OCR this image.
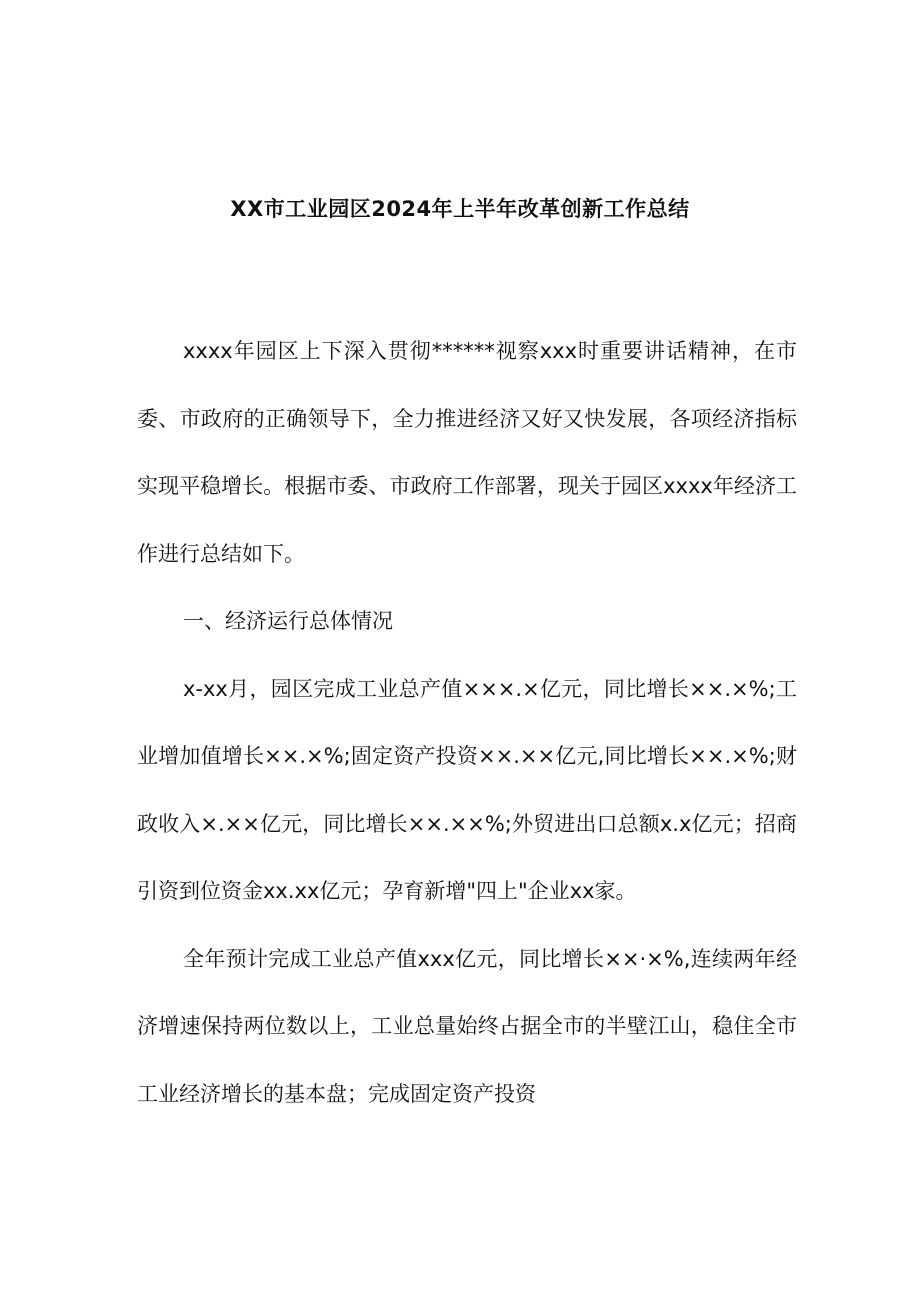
XX市工业园区2024年上半年改革创新工作总结

xxxx年园区上下深入贯彻******视察xxx时重要讲话精神，在市委、市政府的正确领导下，全力推进经济又好又快发展，各项经济指标实现平稳增长。根据市委、市政府工作部署，现关于园区xxxx年经济工作进行总结如下。

一、经济运行总体情况

x-xx月，园区完成工业总产值×××.×亿元，同比增长××.×%;工业增加值增长××.×%;固定资产投资××.××亿元,同比增长××.×%;财政收入×.××亿元，同比增长××.××%;外贸进出口总额x.x亿元；招商引资到位资金xx.xx亿元；孕育新增"四上"企业xx家。

全年预计完成工业总产值xxx亿元，同比增长××·×%,连续两年经济增速保持两位数以上，工业总量始终占据全市的半壁江山，稳住全市工业经济增长的基本盘；完成固定资产投资
